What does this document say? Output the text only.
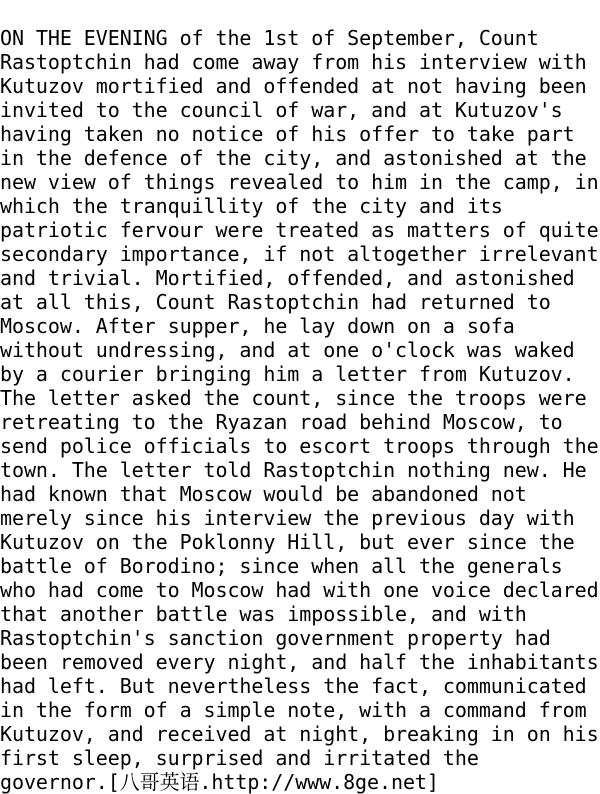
ON THE EVENING of the 1st of September, Count
Rastoptchin had come away from his interview with
Kutuzov mortified and offended at not having been
invited to the council of war, and at Kutuzov's
having taken no notice of his offer to take part
in the defence of the city, and astonished at the
new view of things revealed to him in the camp, in
which the tranquillity of the city and its
patriotic fervour were treated as matters of quite
secondary importance, if not altogether irrelevant
and trivial. Mortified, offended, and astonished
at all this, Count Rastoptchin had returned to
Moscow. After supper, he lay down on a sofa
without undressing, and at one o'clock was waked
by a courier bringing him a letter from Kutuzov.
The letter asked the count, since the troops were
retreating to the Ryazan road behind Moscow, to
send police officials to escort troops through the
town. The letter told Rastoptchin nothing new. He
had known that Moscow would be abandoned not
merely since his interview the previous day with
Kutuzov on the Poklonny Hill, but ever since the
battle of Borodino; since when all the generals
who had come to Moscow had with one voice declared
that another battle was impossible, and with
Rastoptchin's sanction government property had
been removed every night, and half the inhabitants
had left. But nevertheless the fact, communicated
in the form of a simple note, with a command from
Kutuzov, and received at night, breaking in on his
first sleep, surprised and irritated the
governor.[八哥英语.http://www.8ge.net]
